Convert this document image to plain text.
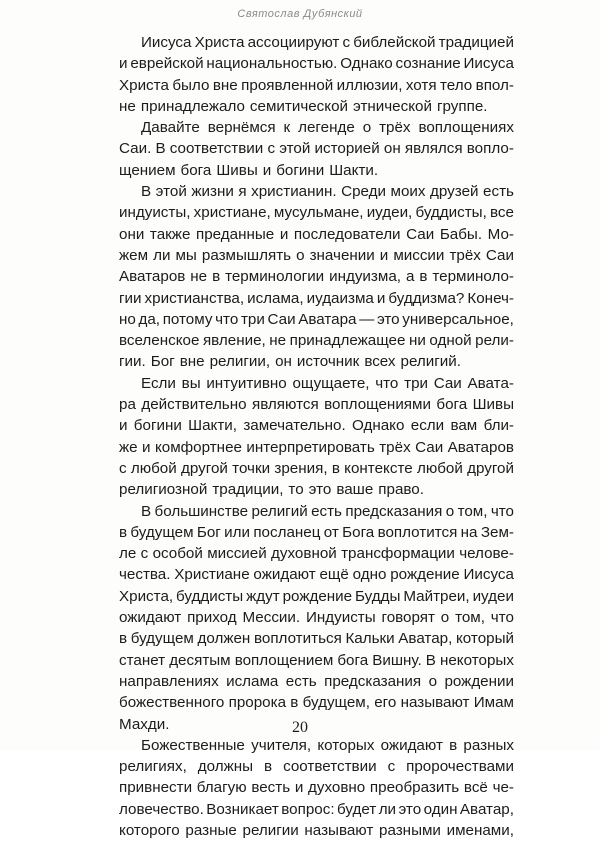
Святослав Дубянский
Иисуса Христа ассоциируют с библейской традицией
и еврейской национальностью. Однако сознание Иисуса
Христа было вне проявленной иллюзии, хотя тело впол-
не принадлежало семитической этнической группе.
Давайте вернёмся к легенде о трёх воплощениях
Саи. В соответствии с этой историей он являлся вопло-
щением бога Шивы и богини Шакти.
В этой жизни я христианин. Среди моих друзей есть
индуисты, христиане, мусульмане, иудеи, буддисты, все
они также преданные и последователи Саи Бабы. Мо-
жем ли мы размышлять о значении и миссии трёх Саи
Аватаров не в терминологии индуизма, а в терминоло-
гии христианства, ислама, иудаизма и буддизма? Конеч-
но да, потому что три Саи Аватара — это универсальное,
вселенское явление, не принадлежащее ни одной рели-
гии. Бог вне религии, он источник всех религий.
Если вы интуитивно ощущаете, что три Саи Авата-
ра действительно являются воплощениями бога Шивы
и богини Шакти, замечательно. Однако если вам бли-
же и комфортнее интерпретировать трёх Саи Аватаров
с любой другой точки зрения, в контексте любой другой
религиозной традиции, то это ваше право.
В большинстве религий есть предсказания о том, что
в будущем Бог или посланец от Бога воплотится на Зем-
ле с особой миссией духовной трансформации челове-
чества. Христиане ожидают ещё одно рождение Иисуса
Христа, буддисты ждут рождение Будды Майтреи, иудеи
ожидают приход Мессии. Индуисты говорят о том, что
в будущем должен воплотиться Кальки Аватар, который
станет десятым воплощением бога Вишну. В некоторых
направлениях ислама есть предсказания о рождении
божественного пророка в будущем, его называют Имам
Махди.
Божественные учителя, которых ожидают в разных
религиях, должны в соответствии с пророчествами
привнести благую весть и духовно преобразить всё че-
ловечество. Возникает вопрос: будет ли это один Аватар,
которого разные религии называют разными именами,
20
